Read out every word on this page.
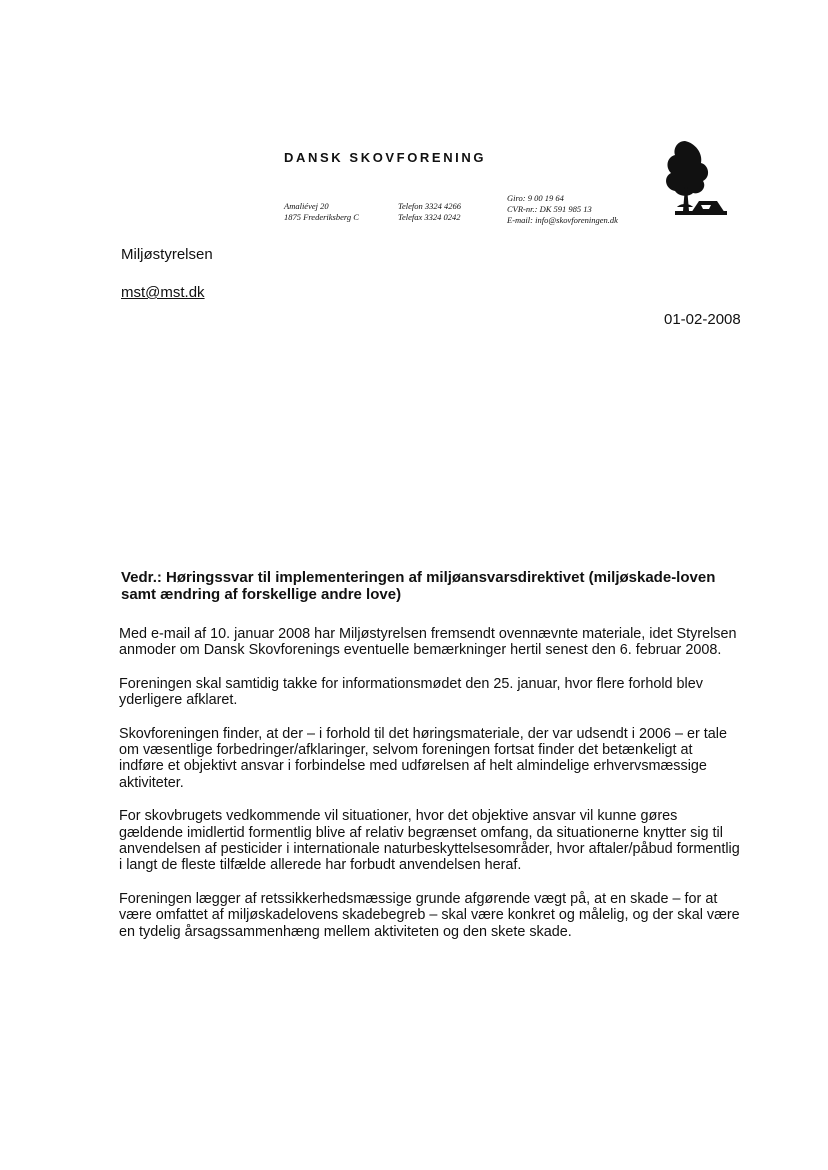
DANSK SKOVFORENING
Amaliévej 20
1875 Frederiksberg C
Telefon 3324 4266
Telefax 3324 0242
Giro: 9 00 19 64
CVR-nr.: DK 591 985 13
E-mail: info@skovforeningen.dk
Miljøstyrelsen
mst@mst.dk
01-02-2008
Vedr.: Høringssvar til implementeringen af miljøansvarsdirektivet (miljøskade-loven samt ændring af forskellige andre love)

Med e-mail af 10. januar 2008 har Miljøstyrelsen fremsendt ovennævnte materiale, idet Styrelsen anmoder om Dansk Skovforenings eventuelle bemærkninger hertil senest den 6. februar 2008.

Foreningen skal samtidig takke for informationsmødet den 25. januar, hvor flere forhold blev yderligere afklaret.

Skovforeningen finder, at der – i forhold til det høringsmateriale, der var udsendt i 2006 – er tale om væsentlige forbedringer/afklaringer, selvom foreningen fortsat finder det betænkeligt at indføre et objektivt ansvar i forbindelse med udførelsen af helt almindelige erhvervsmæssige aktiviteter.

For skovbrugets vedkommende vil situationer, hvor det objektive ansvar vil kunne gøres gældende imidlertid formentlig blive af relativ begrænset omfang, da situationerne knytter sig til anvendelsen af pesticider i internationale naturbeskyttelsesområder, hvor aftaler/påbud formentlig i langt de fleste tilfælde allerede har forbudt anvendelsen heraf.

Foreningen lægger af retssikkerhedsmæssige grunde afgørende vægt på, at en skade – for at være omfattet af miljøskadelovens skadebegreb – skal være konkret og målelig, og der skal være en tydelig årsagssammenhæng mellem aktiviteten og den skete skade.
